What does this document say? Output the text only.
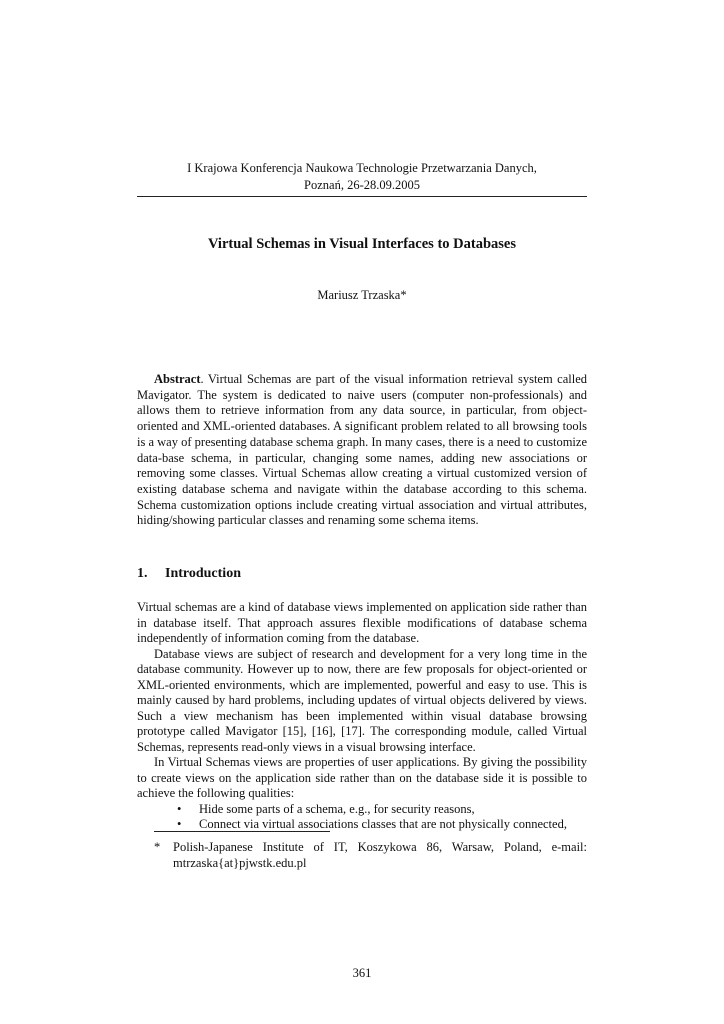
I Krajowa Konferencja Naukowa Technologie Przetwarzania Danych,
Poznań, 26-28.09.2005
Virtual Schemas in Visual Interfaces to Databases
Mariusz Trzaska*

Abstract. Virtual Schemas are part of the visual information retrieval system called Mavigator. The system is dedicated to naive users (computer non-professionals) and allows them to retrieve information from any data source, in particular, from object-oriented and XML-oriented databases. A significant problem related to all browsing tools is a way of presenting database schema graph. In many cases, there is a need to customize data-base schema, in particular, changing some names, adding new associations or removing some classes. Virtual Schemas allow creating a virtual customized version of existing database schema and navigate within the database according to this schema. Schema customization options include creating virtual association and virtual attributes, hiding/showing particular classes and renaming some schema items.

1. Introduction

Virtual schemas are a kind of database views implemented on application side rather than in database itself. That approach assures flexible modifications of database schema independently of information coming from the database.

Database views are subject of research and development for a very long time in the database community. However up to now, there are few proposals for object-oriented or XML-oriented environments, which are implemented, powerful and easy to use. This is mainly caused by hard problems, including updates of virtual objects delivered by views. Such a view mechanism has been implemented within visual database browsing prototype called Mavigator [15], [16], [17]. The corresponding module, called Virtual Schemas, represents read-only views in a visual browsing interface.

In Virtual Schemas views are properties of user applications. By giving the possibility to create views on the application side rather than on the database side it is possible to achieve the following qualities:

• Hide some parts of a schema, e.g., for security reasons,
• Connect via virtual associations classes that are not physically connected,
* Polish-Japanese Institute of IT, Koszykowa 86, Warsaw, Poland, e-mail:
mtrzaska{at}pjwstk.edu.pl
361
